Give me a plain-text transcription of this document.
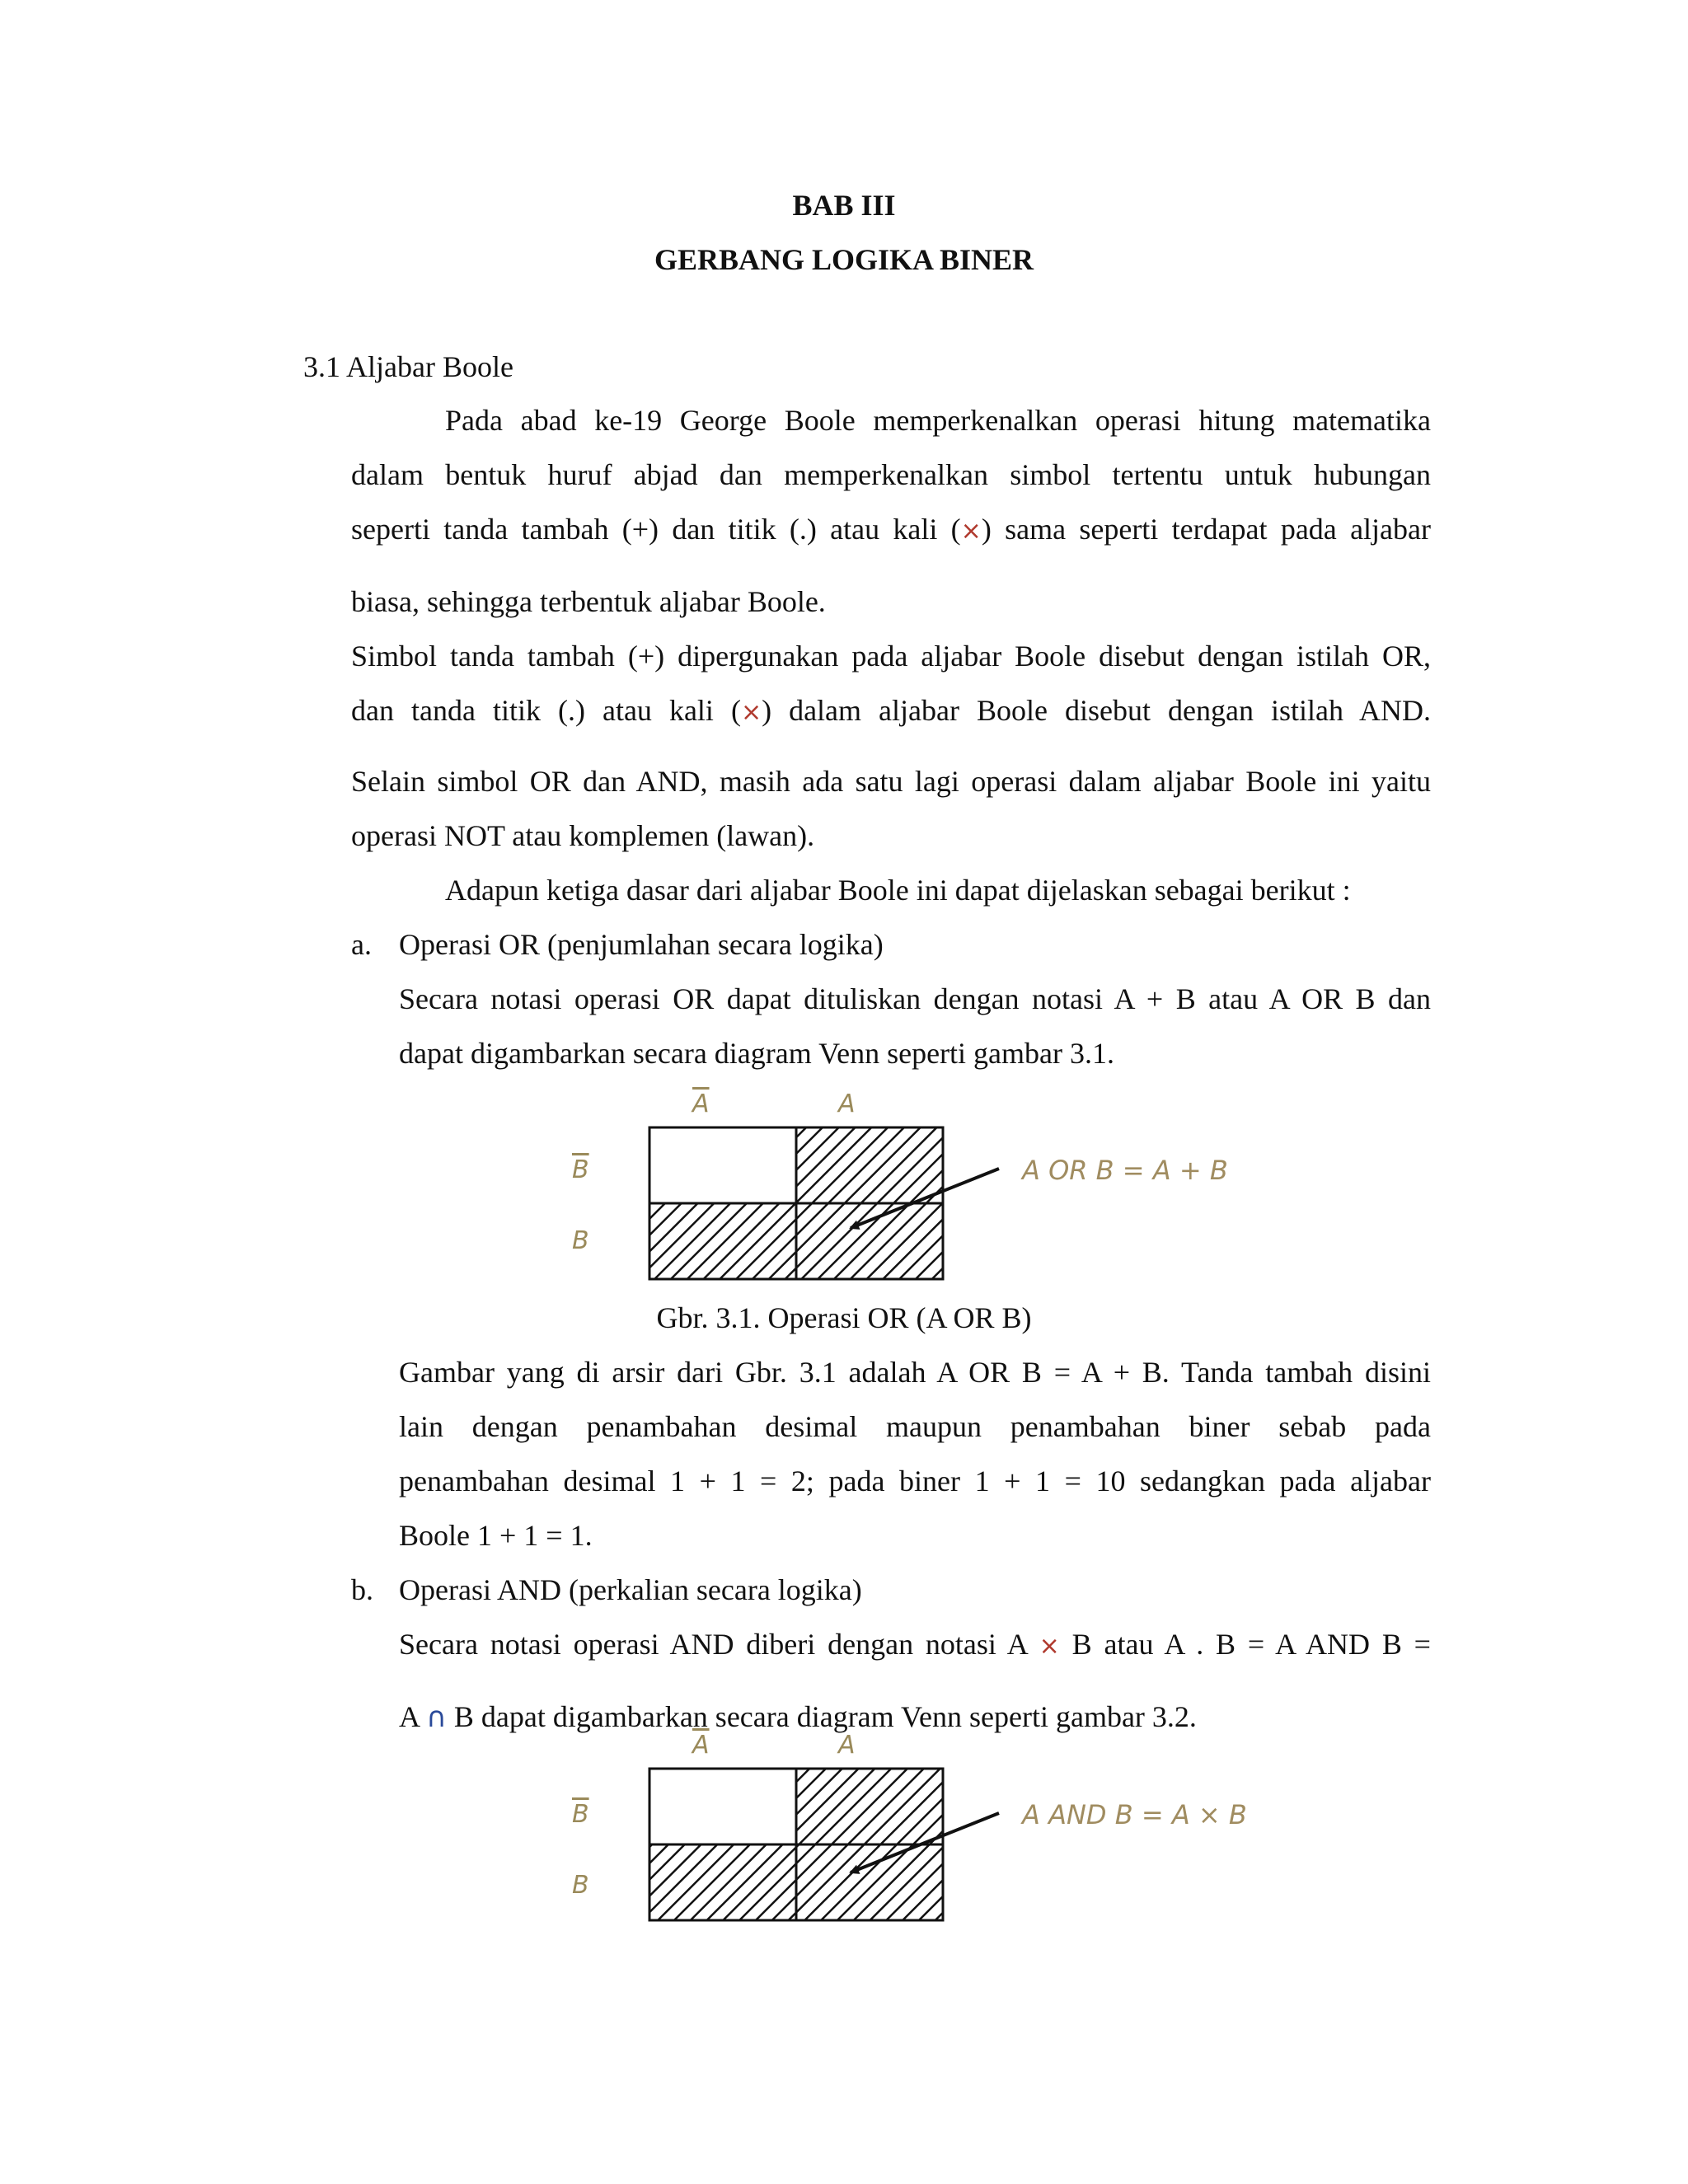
BAB III
GERBANG LOGIKA BINER
3.1 Aljabar Boole
Pada abad ke-19 George Boole memperkenalkan operasi hitung matematika
dalam bentuk huruf abjad dan memperkenalkan simbol tertentu untuk hubungan
seperti tanda tambah (+) dan titik (.) atau kali (×) sama seperti terdapat pada aljabar
biasa, sehingga terbentuk aljabar Boole.
Simbol tanda tambah (+) dipergunakan pada aljabar Boole disebut dengan istilah OR,
dan tanda titik (.) atau kali (×) dalam aljabar Boole disebut dengan istilah AND.
Selain simbol OR dan AND, masih ada satu lagi operasi dalam aljabar Boole ini yaitu
operasi NOT atau komplemen (lawan).
Adapun ketiga dasar dari aljabar Boole ini dapat dijelaskan sebagai berikut :
a. Operasi OR (penjumlahan secara logika)
Secara notasi operasi OR dapat dituliskan dengan notasi A + B atau A OR B dan
dapat digambarkan secara diagram Venn seperti gambar 3.1.
$\overline{A}$	A
$\overline{B}$
B
A OR B = A + B
Gbr. 3.1. Operasi OR (A OR B)
Gambar yang di arsir dari Gbr. 3.1 adalah A OR B = A + B. Tanda tambah disini
lain dengan penambahan desimal maupun penambahan biner sebab pada
penambahan desimal 1 + 1 = 2; pada biner 1 + 1 = 10 sedangkan pada aljabar
Boole 1 + 1 = 1.
b. Operasi AND (perkalian secara logika)
Secara notasi operasi AND diberi dengan notasi A × B atau A . B = A AND B =
A ∩ B dapat digambarkan secara diagram Venn seperti gambar 3.2.
$\overline{A}$	A
$\overline{B}$
B
A AND B = A × B
